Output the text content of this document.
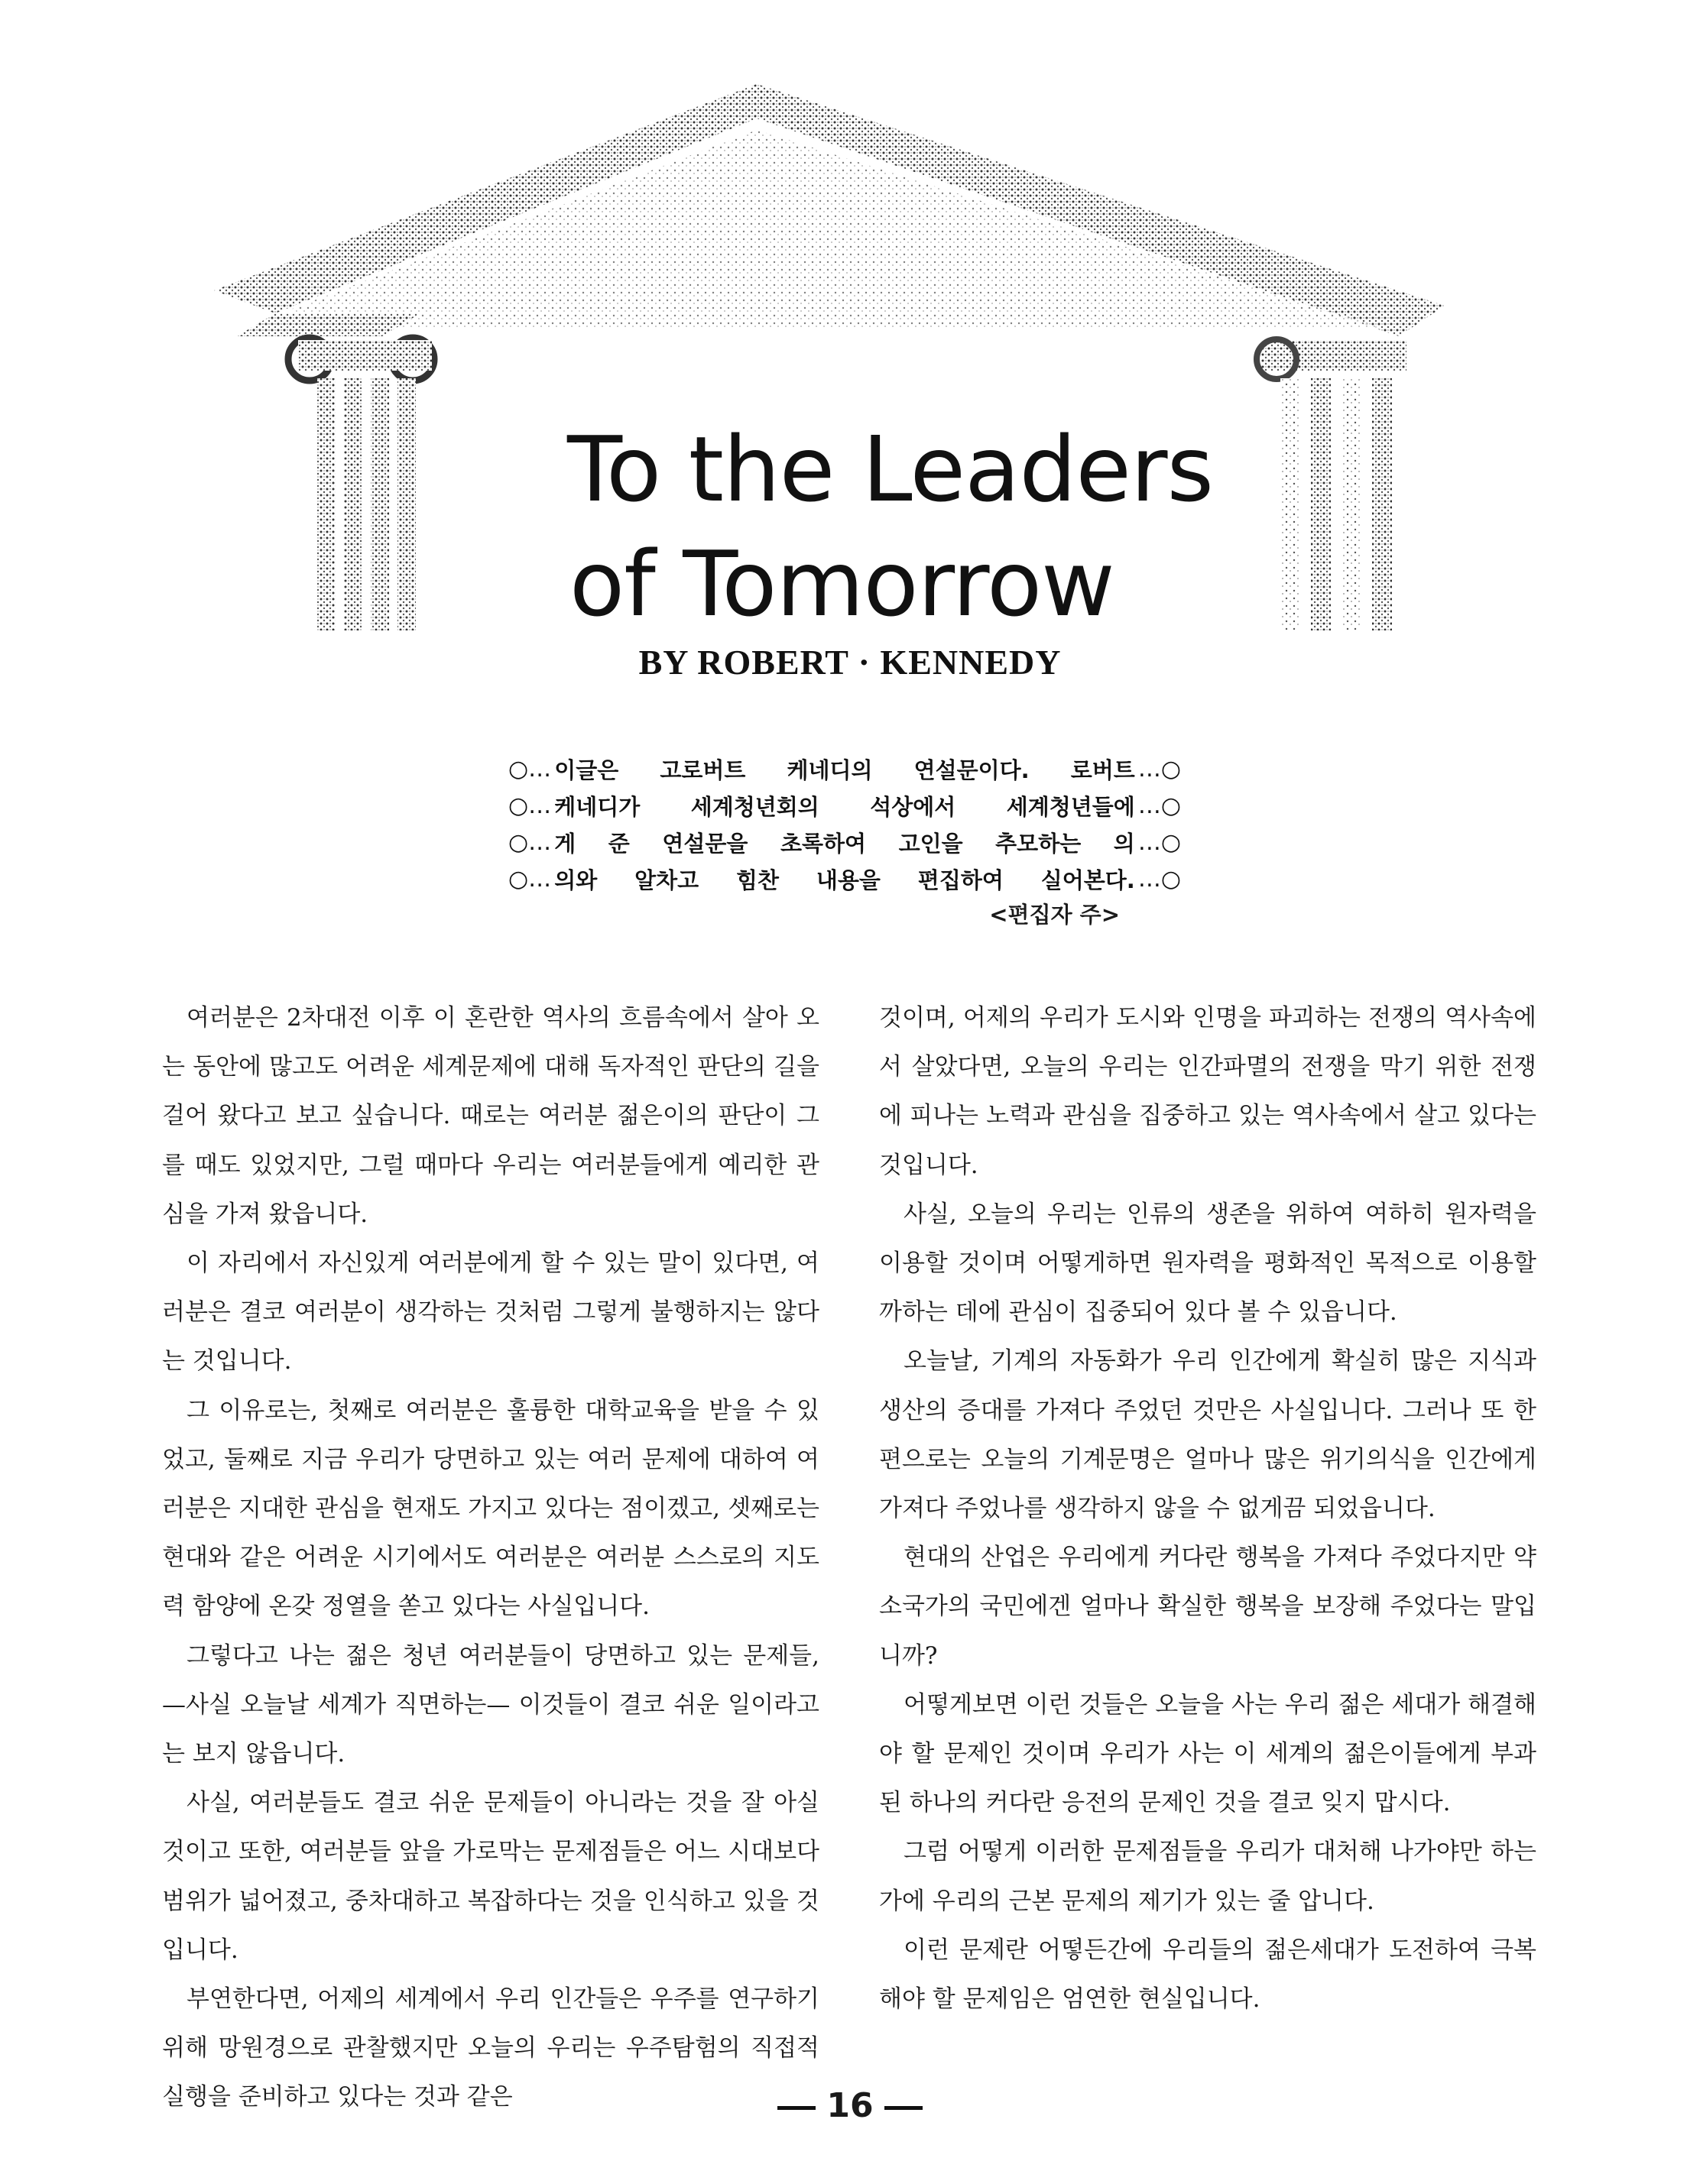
To the Leaders
of Tomorrow
BY ROBERT · KENNEDY
○… 이글은 고로버트 케네디의 연설문이다. 로버트 …○
○… 케네디가 세계청년회의 석상에서 세계청년들에 …○
○… 게 준 연설문을 초록하여 고인을 추모하는 의 …○
○… 의와 알차고 힘찬 내용을 편집하여 실어본다. …○
<편집자 주>

여러분은 2차대전 이후 이 혼란한 역사의 흐름속에서 살아 오는 동안에 많고도 어려운 세계문제에 대해 독자적인 판단의 길을 걸어 왔다고 보고 싶습니다. 때로는 여러분 젊은이의 판단이 그를 때도 있었지만, 그럴 때마다 우리는 여러분들에게 예리한 관심을 가져 왔읍니다.

이 자리에서 자신있게 여러분에게 할 수 있는 말이 있다면, 여러분은 결코 여러분이 생각하는 것처럼 그렇게 불행하지는 않다는 것입니다.

그 이유로는, 첫째로 여러분은 훌륭한 대학교육을 받을 수 있었고, 둘째로 지금 우리가 당면하고 있는 여러 문제에 대하여 여러분은 지대한 관심을 현재도 가지고 있다는 점이겠고, 셋째로는 현대와 같은 어려운 시기에서도 여러분은 여러분 스스로의 지도력 함양에 온갖 정열을 쏟고 있다는 사실입니다.

그렇다고 나는 젊은 청년 여러분들이 당면하고 있는 문제들,—사실 오늘날 세계가 직면하는— 이것들이 결코 쉬운 일이라고는 보지 않읍니다.

사실, 여러분들도 결코 쉬운 문제들이 아니라는 것을 잘 아실 것이고 또한, 여러분들 앞을 가로막는 문제점들은 어느 시대보다 범위가 넓어졌고, 중차대하고 복잡하다는 것을 인식하고 있을 것입니다.

부연한다면, 어제의 세계에서 우리 인간들은 우주를 연구하기 위해 망원경으로 관찰했지만 오늘의 우리는 우주탐험의 직접적 실행을 준비하고 있다는 것과 같은

것이며, 어제의 우리가 도시와 인명을 파괴하는 전쟁의 역사속에서 살았다면, 오늘의 우리는 인간파멸의 전쟁을 막기 위한 전쟁에 피나는 노력과 관심을 집중하고 있는 역사속에서 살고 있다는 것입니다.

사실, 오늘의 우리는 인류의 생존을 위하여 여하히 원자력을 이용할 것이며 어떻게하면 원자력을 평화적인 목적으로 이용할까하는 데에 관심이 집중되어 있다 볼 수 있읍니다.

오늘날, 기계의 자동화가 우리 인간에게 확실히 많은 지식과 생산의 증대를 가져다 주었던 것만은 사실입니다. 그러나 또 한편으로는 오늘의 기계문명은 얼마나 많은 위기의식을 인간에게 가져다 주었나를 생각하지 않을 수 없게끔 되었읍니다.

현대의 산업은 우리에게 커다란 행복을 가져다 주었다지만 약소국가의 국민에겐 얼마나 확실한 행복을 보장해 주었다는 말입니까?

어떻게보면 이런 것들은 오늘을 사는 우리 젊은 세대가 해결해야 할 문제인 것이며 우리가 사는 이 세계의 젊은이들에게 부과된 하나의 커다란 응전의 문제인 것을 결코 잊지 맙시다.

그럼 어떻게 이러한 문제점들을 우리가 대처해 나가야만 하는가에 우리의 근본 문제의 제기가 있는 줄 압니다.

이런 문제란 어떻든간에 우리들의 젊은세대가 도전하여 극복해야 할 문제임은 엄연한 현실입니다.

16
